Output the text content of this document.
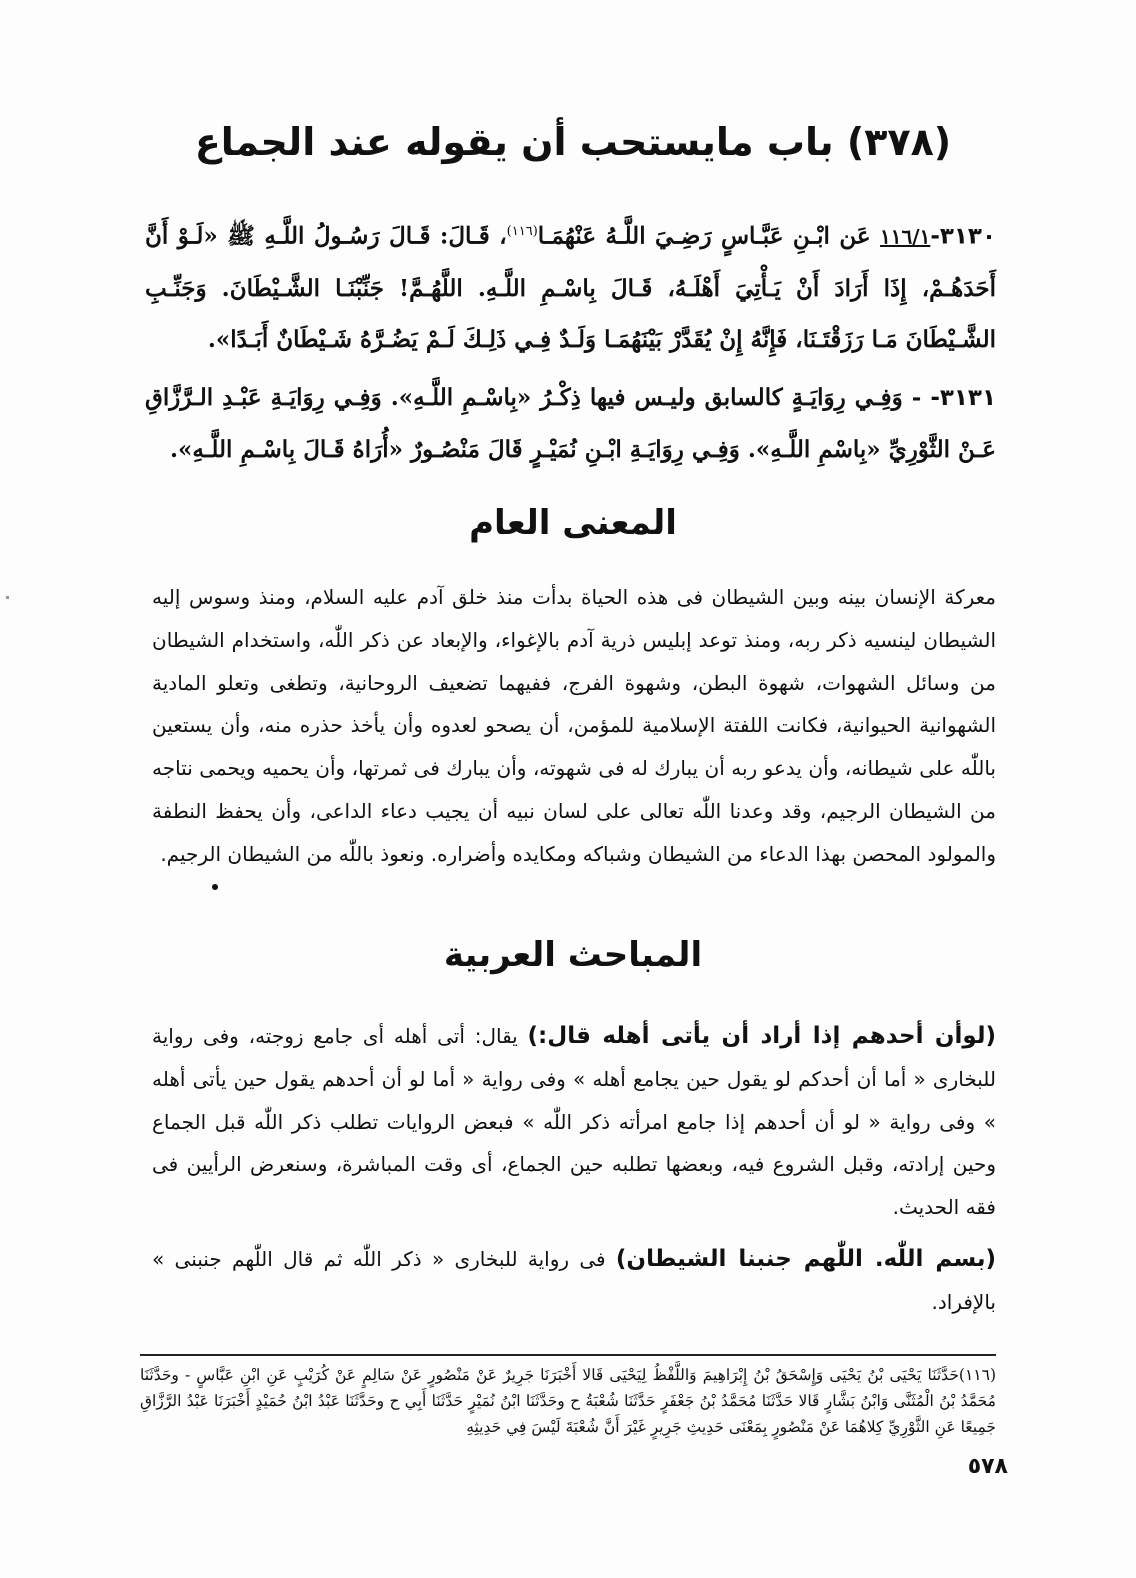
(٣٧٨) باب مايستحب أن يقوله عند الجماع

٣١٣٠-١١٦/١ عَن ابْـنِ عَبَّـاسٍ رَضِـيَ اللَّـهُ عَنْهُمَـا$^{(١١٦)}$، قَـالَ: قَـالَ رَسُـولُ اللَّـهِ ﷺ «لَـوْ أَنَّ أَحَدَهُـمْ، إِذَا أَرَادَ أَنْ يَـأْتِيَ أَهْلَـهُ، قَـالَ بِاسْـمِ اللَّـهِ. اللَّهُـمَّ! جَنِّبْنَـا الشَّـيْطَانَ. وَجَنِّـبِ الشَّـيْطَانَ مَـا رَزَقْتَـنَا، فَإِنَّهُ إِنْ يُقَدَّرْ بَيْنَهُمَـا وَلَـدٌ فِـي ذَلِـكَ لَـمْ يَضُـرَّهُ شَـيْطَانٌ أَبَـدًا».

٣١٣١- - وَفِـي رِوَايَـةٍ كالسابق وليـس فيها ذِكْـرُ «بِاسْـمِ اللَّـهِ». وَفِـي رِوَايَـةِ عَبْـدِ الـرَّزَّاقِ عَـنْ الثَّوْرِيِّ «بِاسْمِ اللَّـهِ». وَفِـي رِوَايَـةِ ابْـنِ نُمَيْـرٍ قَالَ مَنْصُـورٌ «أُرَاهُ قَـالَ بِاسْـمِ اللَّـهِ».

المعنى العام

معركة الإنسان بينه وبين الشيطان فى هذه الحياة بدأت منذ خلق آدم عليه السلام، ومنذ وسوس إليه الشيطان لينسيه ذكر ربه، ومنذ توعد إبليس ذرية آدم بالإغواء، والإبعاد عن ذكر اللّٰه، واستخدام الشيطان من وسائل الشهوات، شهوة البطن، وشهوة الفرج، ففيهما تضعيف الروحانية، وتطغى وتعلو المادية الشهوانية الحيوانية، فكانت اللفتة الإسلامية للمؤمن، أن يصحو لعدوه وأن يأخذ حذره منه، وأن يستعين باللّٰه على شيطانه، وأن يدعو ربه أن يبارك له فى شهوته، وأن يبارك فى ثمرتها، وأن يحميه ويحمى نتاجه من الشيطان الرجيم، وقد وعدنا اللّٰه تعالى على لسان نبيه أن يجيب دعاء الداعى، وأن يحفظ النطفة والمولود المحصن بهذا الدعاء من الشيطان وشباكه ومكايده وأضراره. ونعوذ باللّٰه من الشيطان الرجيم.

المباحث العربية

(لوأن أحدهم إذا أراد أن يأتى أهله قال:) يقال: أتى أهله أى جامع زوجته، وفى رواية للبخارى « أما أن أحدكم لو يقول حين يجامع أهله » وفى رواية « أما لو أن أحدهم يقول حين يأتى أهله » وفى رواية « لو أن أحدهم إذا جامع امرأته ذكر اللّٰه » فبعض الروايات تطلب ذكر اللّٰه قبل الجماع وحين إرادته، وقبل الشروع فيه، وبعضها تطلبه حين الجماع، أى وقت المباشرة، وسنعرض الرأيين فى فقه الحديث.

(بسم اللّٰه. اللّٰهم جنبنا الشيطان) فى رواية للبخارى « ذكر اللّٰه ثم قال اللّٰهم جنبنى » بالإفراد.

(١١٦)حَدَّثَنَا يَحْيَى بْنُ يَحْيَى وَإِسْحَقُ بْنُ إِبْرَاهِيمَ وَاللَّفْظُ لِيَحْيَى قَالا أَخْبَرَنَا جَرِيرٌ عَنْ مَنْصُورٍ عَنْ سَالِمٍ عَنْ كُرَيْبٍ عَنِ ابْنِ عَبَّاسٍ - وحَدَّثَنَا مُحَمَّدُ بْنُ الْمُثَنَّى وَابْنُ بَشَّارٍ قَالا حَدَّثَنَا مُحَمَّدُ بْنُ جَعْفَرٍ حَدَّثَنَا شُعْبَةُ ح وحَدَّثَنَا ابْنُ نُمَيْرٍ حَدَّثَنَا أَبِي ح وحَدَّثَنَا عَبْدُ ابْنُ حُمَيْدٍ أَخْبَرَنَا عَبْدُ الرَّزَّاقِ جَمِيعًا عَنِ الثَّوْرِيِّ كِلاهُمَا عَنْ مَنْصُورٍ بِمَعْنَى حَدِيثِ جَرِيرٍ غَيْرَ أَنَّ شُعْبَةَ لَيْسَ فِي حَدِيثِهِ

٥٧٨
